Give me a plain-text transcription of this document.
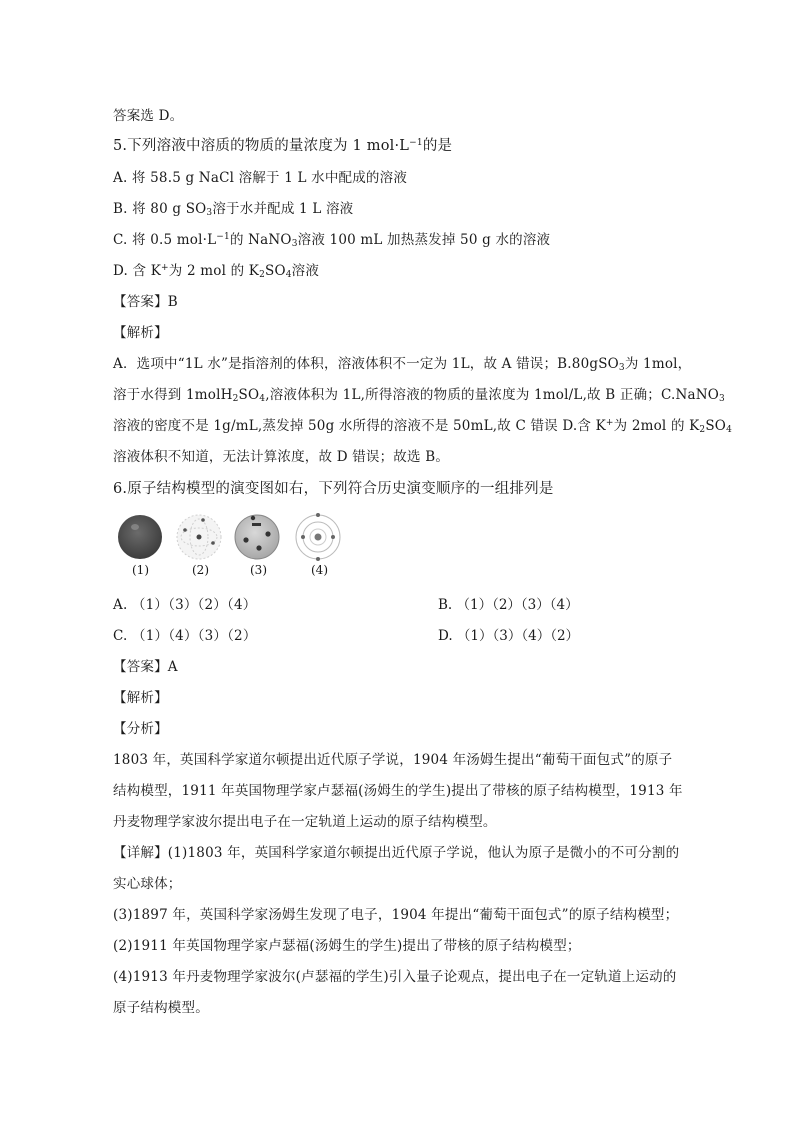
答案选 D。
5.下列溶液中溶质的物质的量浓度为 1 $mol\cdot L^{-1}$的是
A. 将 58.5 g NaCl 溶解于 1 L 水中配成的溶液
B. 将 80 g $SO_3$溶于水并配成 1 L 溶液
C. 将 0.5 $mol\cdot L^{-1}$的 NaNO$_3$溶液 100 mL 加热蒸发掉 50 g 水的溶液
D. 含 K+为 2 mol 的 $K_2SO_4$溶液
【答案】B
【解析】
A．选项中“1L 水”是指溶剂的体积，溶液体积不一定为 1L，故 A 错误；B.80gSO$_3$为 1mol，
溶于水得到 $1molH_2SO_4$,溶液体积为 1L,所得溶液的物质的量浓度为 1mol/L,故 B 正确；C.NaNO$_3$
溶液的密度不是 1g/mL,蒸发掉 50g 水所得的溶液不是 50mL,故 C 错误 D.含 K+为 2mol 的 $K_2SO_4$
溶液体积不知道，无法计算浓度，故 D 错误；故选 B。
6.原子结构模型的演变图如右，下列符合历史演变顺序的一组排列是
(1)	(2)	(3)	(4)
A. （1）（3）（2）（4）	B. （1）（2）（3）（4）
C. （1）（4）（3）（2）	D. （1）（3）（4）（2）
【答案】A
【解析】
【分析】
1803 年，英国科学家道尔顿提出近代原子学说，1904 年汤姆生提出“葡萄干面包式”的原子
结构模型，1911 年英国物理学家卢瑟福(汤姆生的学生)提出了带核的原子结构模型，1913 年
丹麦物理学家波尔提出电子在一定轨道上运动的原子结构模型。
【详解】(1)1803 年，英国科学家道尔顿提出近代原子学说，他认为原子是微小的不可分割的
实心球体；
(3)1897 年，英国科学家汤姆生发现了电子，1904 年提出“葡萄干面包式”的原子结构模型；
(2)1911 年英国物理学家卢瑟福(汤姆生的学生)提出了带核的原子结构模型；
(4)1913 年丹麦物理学家波尔(卢瑟福的学生)引入量子论观点，提出电子在一定轨道上运动的
原子结构模型。
